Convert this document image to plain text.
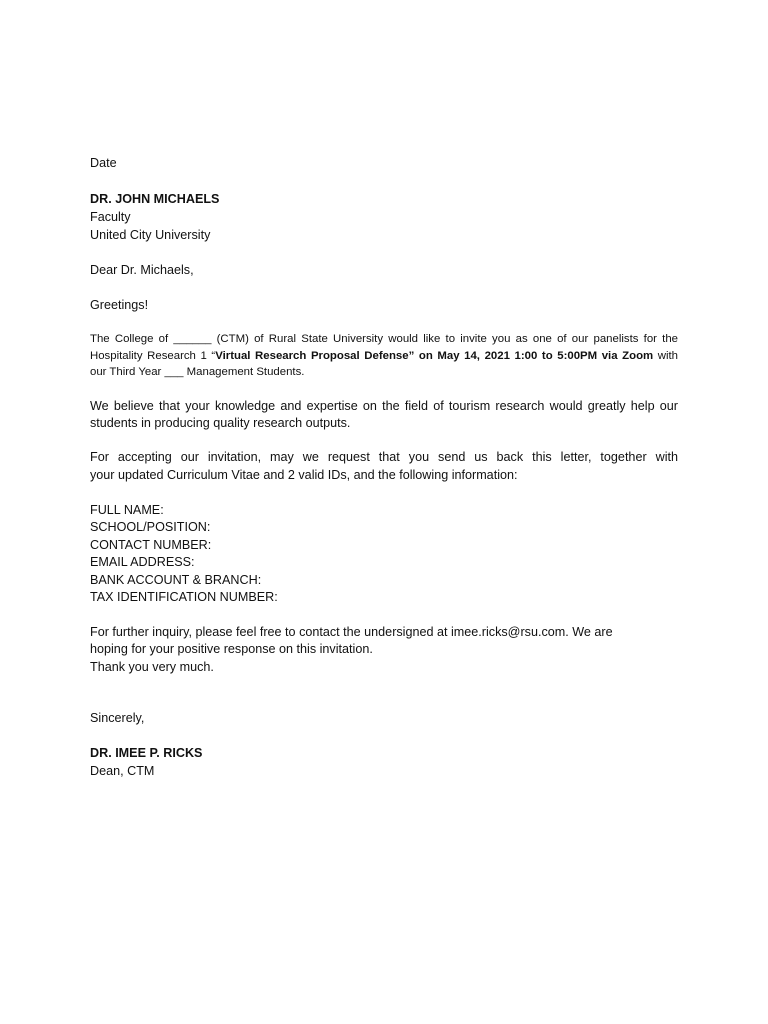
Date
DR. JOHN MICHAELS
Faculty
United City University
Dear Dr. Michaels,
Greetings!
The College of ______ (CTM) of Rural State University would like to invite you as one of our panelists for the
Hospitality Research 1 “Virtual Research Proposal Defense” on May 14, 2021 1:00 to 5:00PM via Zoom with
our Third Year ___ Management Students.
We believe that your knowledge and expertise on the field of tourism research would greatly help our
students in producing quality research outputs.
For accepting our invitation, may we request that you send us back this letter, together with
your updated Curriculum Vitae and 2 valid IDs, and the following information:
FULL NAME:
SCHOOL/POSITION:
CONTACT NUMBER:
EMAIL ADDRESS:
BANK ACCOUNT & BRANCH:
TAX IDENTIFICATION NUMBER:
For further inquiry, please feel free to contact the undersigned at imee.ricks@rsu.com. We are
hoping for your positive response on this invitation.
Thank you very much.
Sincerely,
DR. IMEE P. RICKS
Dean, CTM
